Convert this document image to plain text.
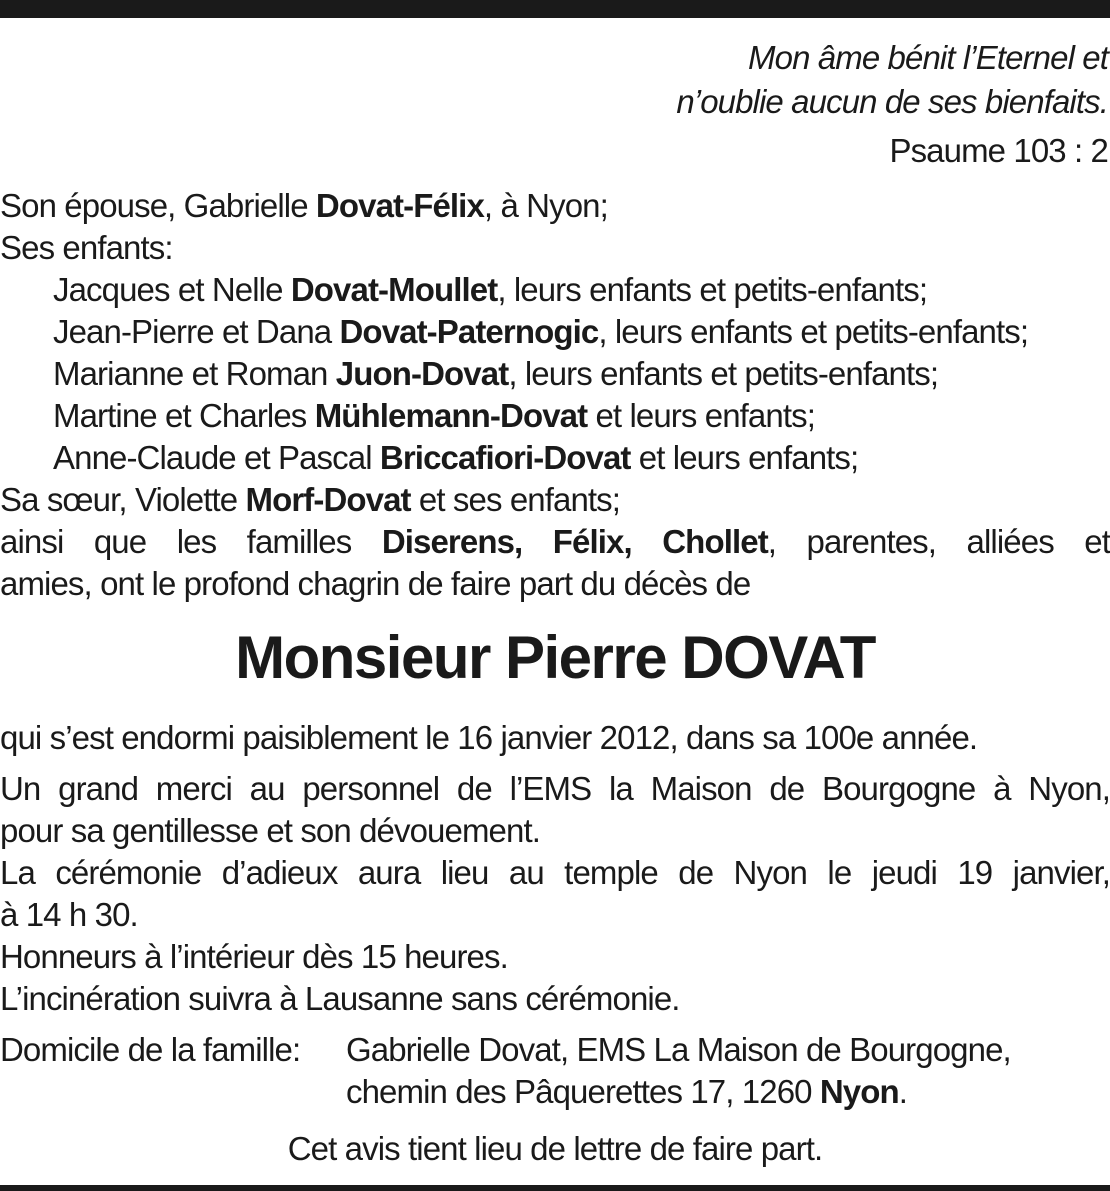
Mon âme bénit l’Eternel et
n’oublie aucun de ses bienfaits.
Psaume 103 : 2
Son épouse, Gabrielle Dovat-Félix, à Nyon;
Ses enfants:
Jacques et Nelle Dovat-Moullet, leurs enfants et petits-enfants;
Jean-Pierre et Dana Dovat-Paternogic, leurs enfants et petits-enfants;
Marianne et Roman Juon-Dovat, leurs enfants et petits-enfants;
Martine et Charles Mühlemann-Dovat et leurs enfants;
Anne-Claude et Pascal Briccafiori-Dovat et leurs enfants;
Sa sœur, Violette Morf-Dovat et ses enfants;
ainsi que les familles Diserens, Félix, Chollet, parentes, alliées et
amies, ont le profond chagrin de faire part du décès de
Monsieur Pierre DOVAT
qui s’est endormi paisiblement le 16 janvier 2012, dans sa 100e année.
Un grand merci au personnel de l’EMS la Maison de Bourgogne à Nyon,
pour sa gentillesse et son dévouement.
La cérémonie d’adieux aura lieu au temple de Nyon le jeudi 19 janvier,
à 14 h 30.
Honneurs à l’intérieur dès 15 heures.
L’incinération suivra à Lausanne sans cérémonie.
Domicile de la famille: Gabrielle Dovat, EMS La Maison de Bourgogne,
chemin des Pâquerettes 17, 1260 Nyon.
Cet avis tient lieu de lettre de faire part.
